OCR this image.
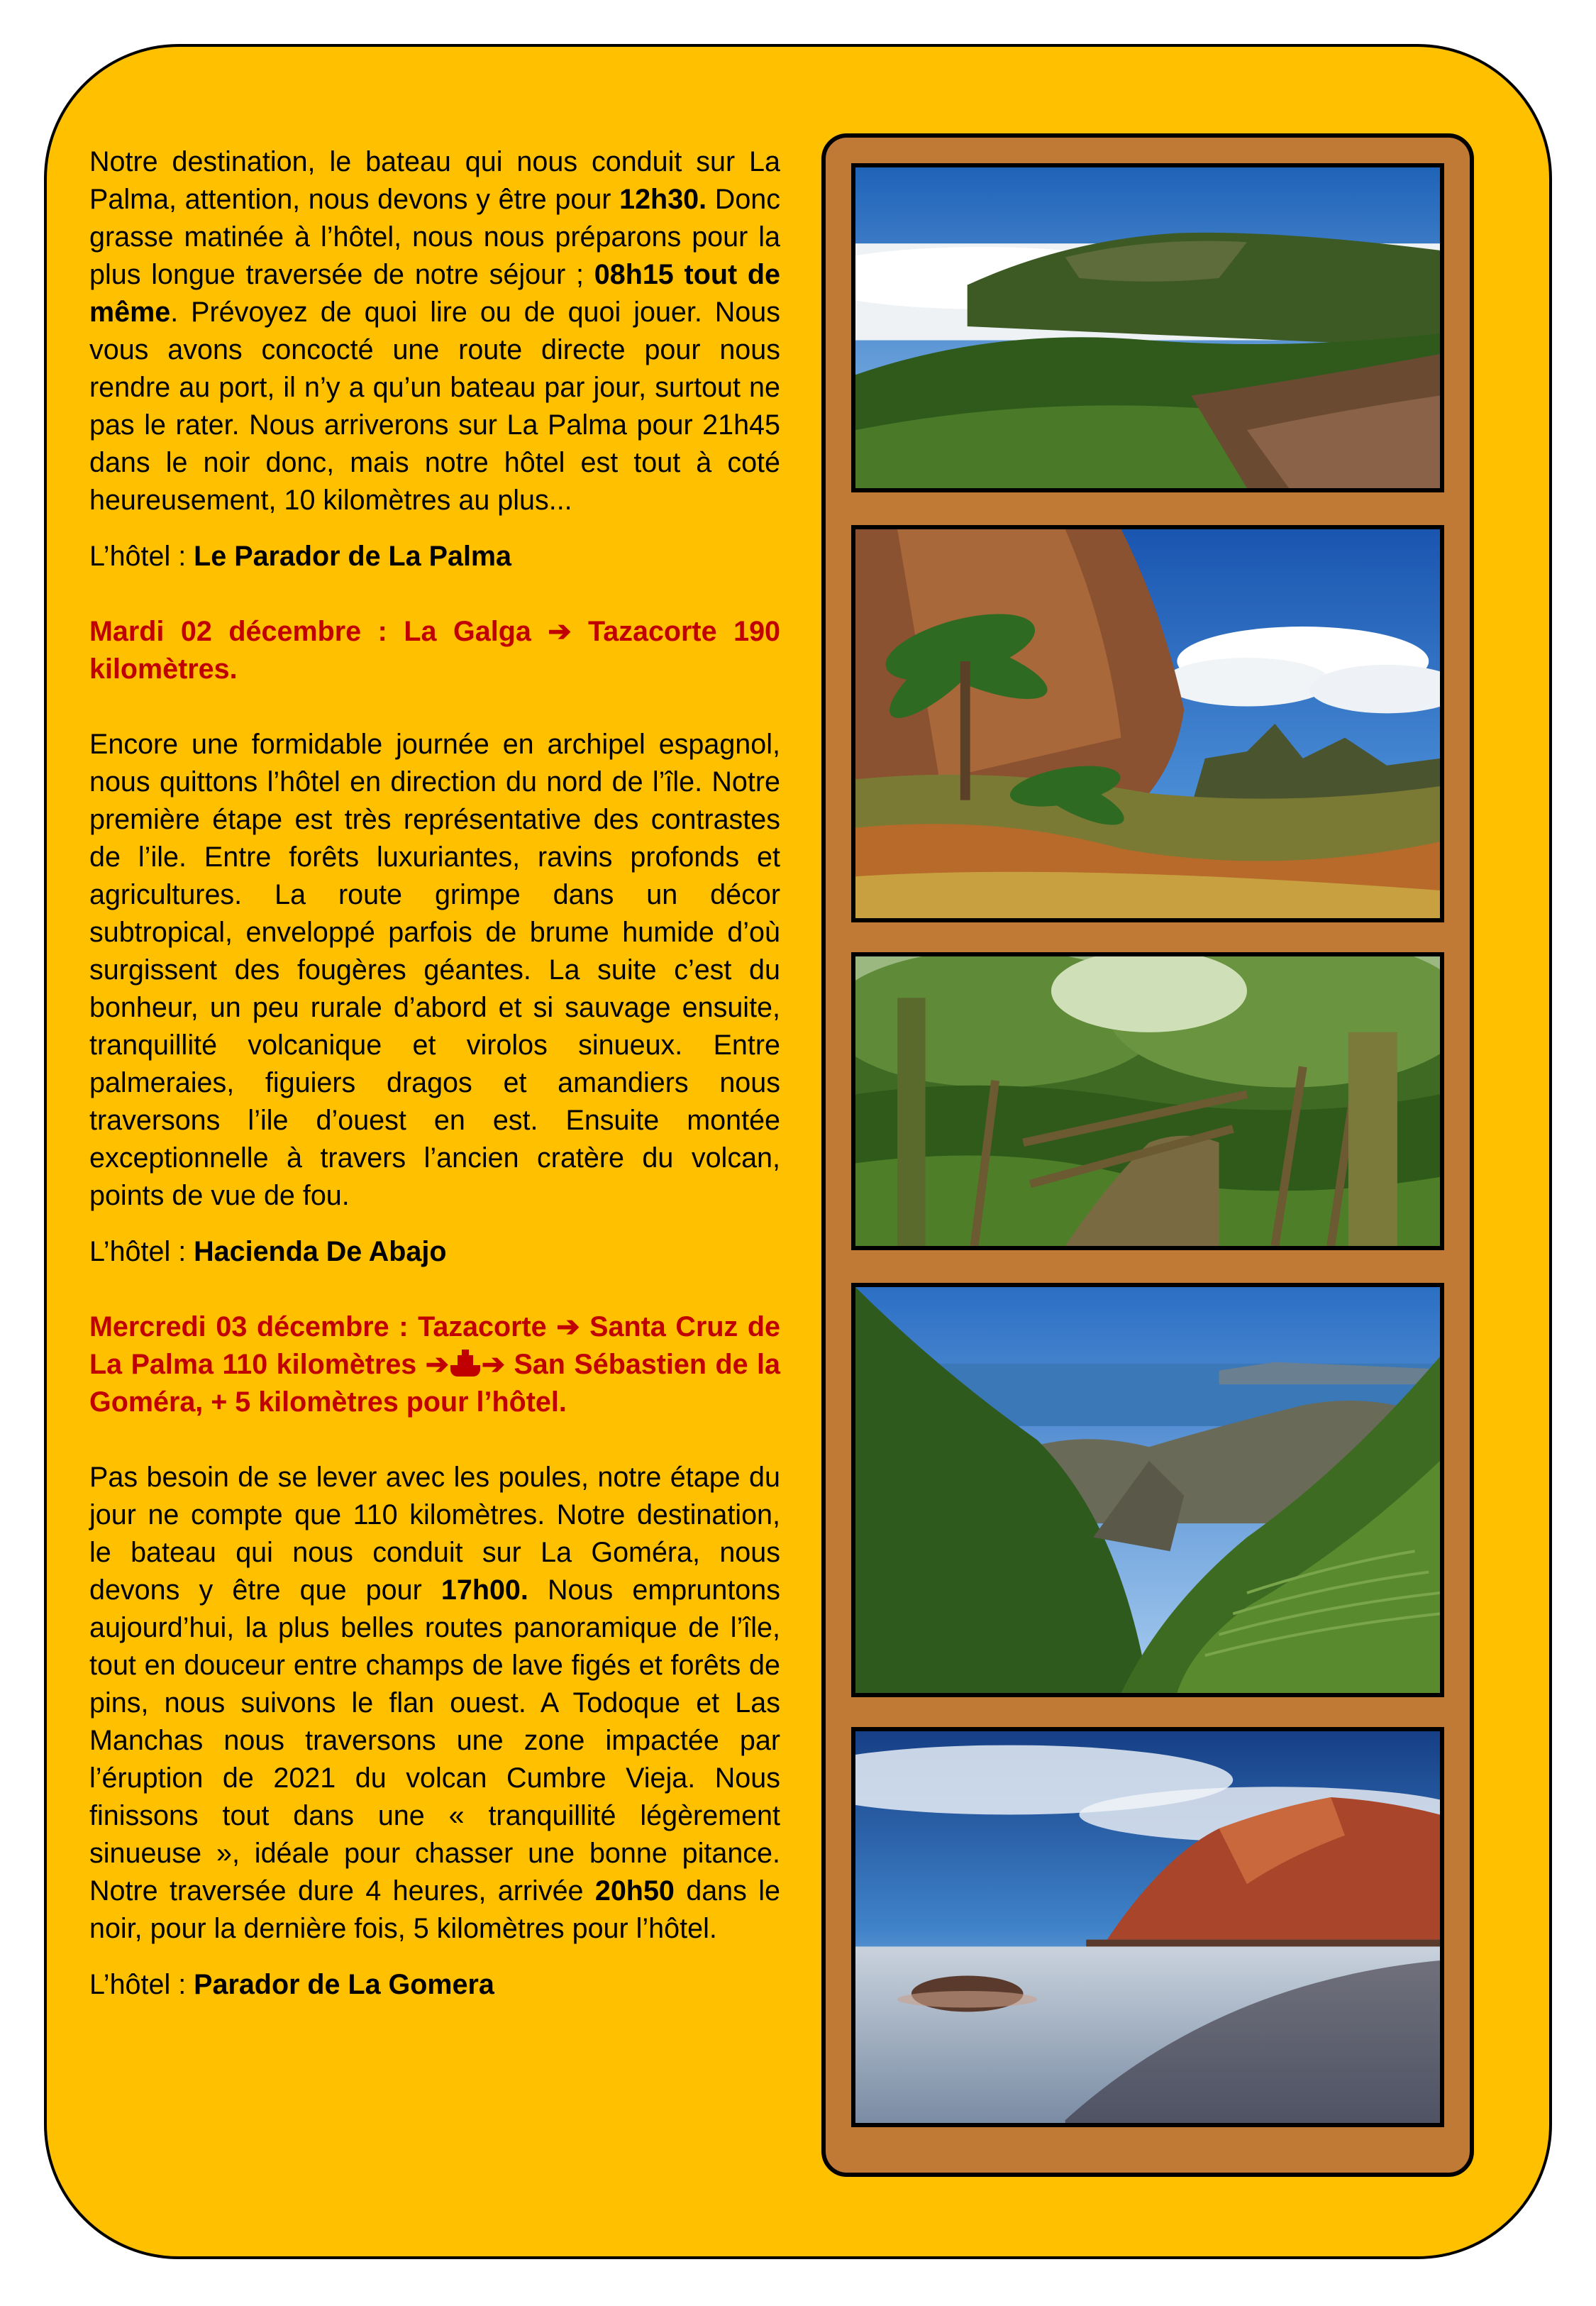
Notre destination, le bateau qui nous conduit sur La Palma, attention, nous devons y être pour 12h30. Donc grasse matinée à l’hôtel, nous nous préparons pour la plus longue traversée de notre séjour ; 08h15 tout de même. Prévoyez de quoi lire ou de quoi jouer. Nous vous avons concocté une route directe pour nous rendre au port, il n’y a qu’un bateau par jour, surtout ne pas le rater. Nous arriverons sur La Palma pour 21h45 dans le noir donc, mais notre hôtel est tout à coté heureusement, 10 kilomètres au plus...

L’hôtel : Le Parador de La Palma

Mardi 02 décembre : La Galga ➔ Tazacorte 190 kilomètres.

Encore une formidable journée en archipel espagnol, nous quittons l’hôtel en direction du nord de l’île. Notre première étape est très représentative des contrastes de l’ile. Entre forêts luxuriantes, ravins profonds et agricultures. La route grimpe dans un décor subtropical, enveloppé parfois de brume humide d’où surgissent des fougères géantes. La suite c’est du bonheur, un peu rurale d’abord et si sauvage ensuite, tranquillité volcanique et virolos sinueux. Entre palmeraies, figuiers dragos et amandiers nous traversons l’ile d’ouest en est. Ensuite montée exceptionnelle à travers l’ancien cratère du volcan, points de vue de fou.

L’hôtel : Hacienda De Abajo

Mercredi 03 décembre : Tazacorte ➔ Santa Cruz de La Palma 110 kilomètres ➔ ➔ San Sébastien de la Goméra, + 5 kilomètres pour l’hôtel.

Pas besoin de se lever avec les poules, notre étape du jour ne compte que 110 kilomètres. Notre destination, le bateau qui nous conduit sur La Goméra, nous devons y être que pour 17h00. Nous empruntons aujourd’hui, la plus belles routes panoramique de l’île, tout en douceur entre champs de lave figés et forêts de pins, nous suivons le flan ouest. A Todoque et Las Manchas nous traversons une zone impactée par l’éruption de 2021 du volcan Cumbre Vieja. Nous finissons tout dans une « tranquillité légèrement sinueuse », idéale pour chasser une bonne pitance. Notre traversée dure 4 heures, arrivée 20h50 dans le noir, pour la dernière fois, 5 kilomètres pour l’hôtel.

L’hôtel : Parador de La Gomera
